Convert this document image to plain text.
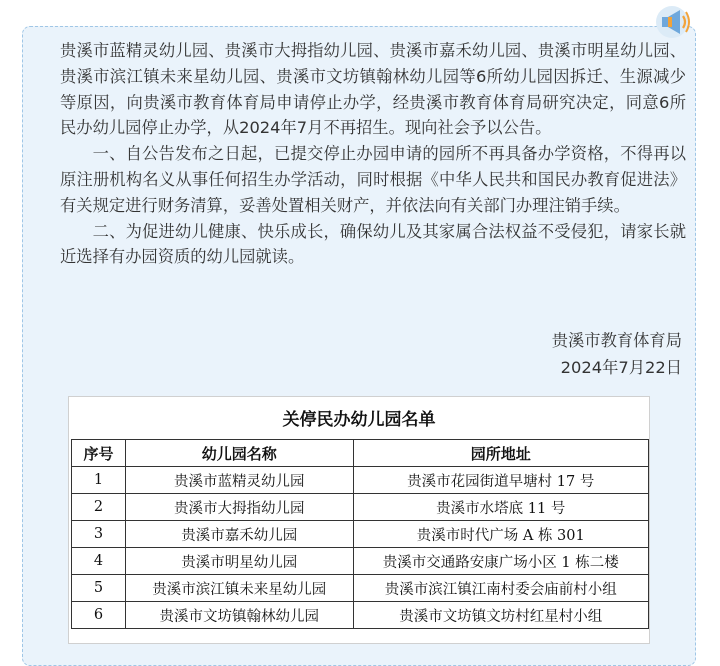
贵溪市蓝精灵幼儿园、贵溪市大拇指幼儿园、贵溪市嘉禾幼儿园、贵溪市明星幼儿园、贵溪市滨江镇未来星幼儿园、贵溪市文坊镇翰林幼儿园等6所幼儿园因拆迁、生源减少等原因，向贵溪市教育体育局申请停止办学，经贵溪市教育体育局研究决定，同意6所民办幼儿园停止办学，从2024年7月不再招生。现向社会予以公告。

一、自公告发布之日起，已提交停止办园申请的园所不再具备办学资格，不得再以原注册机构名义从事任何招生办学活动，同时根据《中华人民共和国民办教育促进法》有关规定进行财务清算，妥善处置相关财产，并依法向有关部门办理注销手续。

二、为促进幼儿健康、快乐成长，确保幼儿及其家属合法权益不受侵犯，请家长就近选择有办园资质的幼儿园就读。

贵溪市教育体育局
2024年7月22日
关停民办幼儿园名单
序号	幼儿园名称	园所地址
1	贵溪市蓝精灵幼儿园	贵溪市花园街道早塘村 17 号
2	贵溪市大拇指幼儿园	贵溪市水塔底 11 号
3	贵溪市嘉禾幼儿园	贵溪市时代广场 A 栋 301
4	贵溪市明星幼儿园	贵溪市交通路安康广场小区 1 栋二楼
5	贵溪市滨江镇未来星幼儿园	贵溪市滨江镇江南村委会庙前村小组
6	贵溪市文坊镇翰林幼儿园	贵溪市文坊镇文坊村红星村小组
